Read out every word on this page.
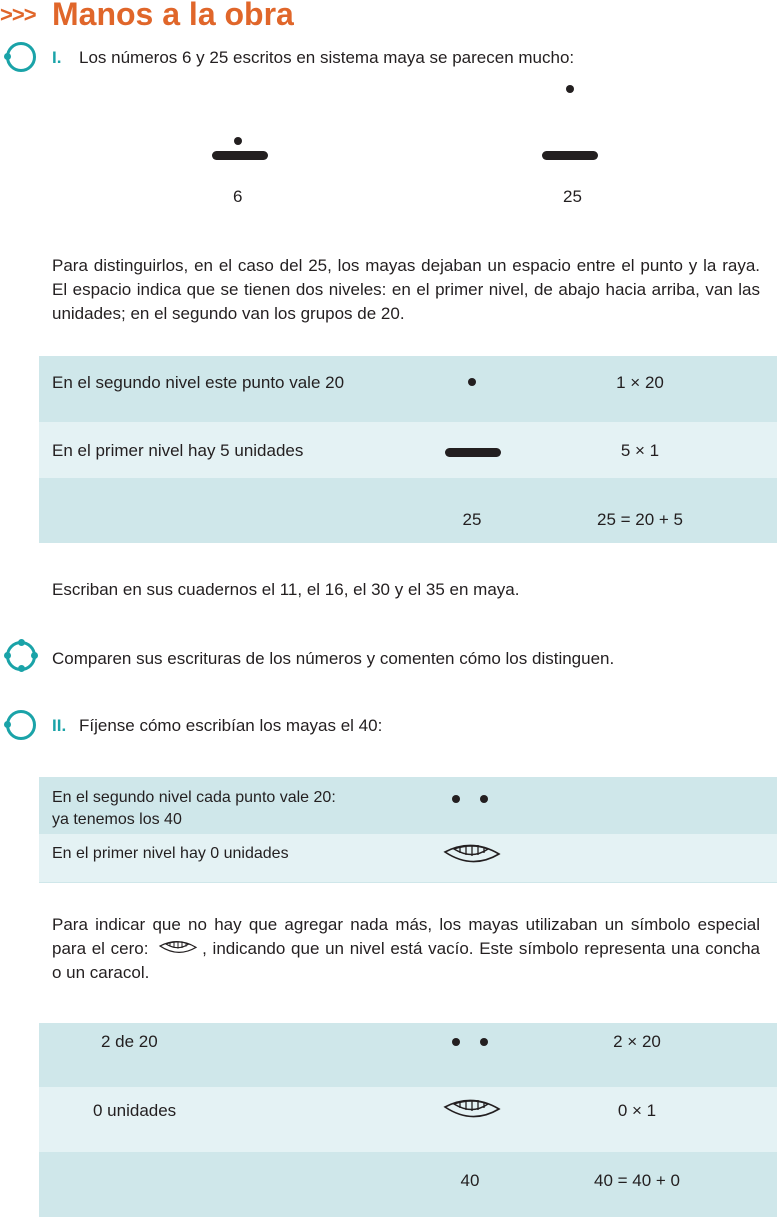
>>> Manos a la obra
I. Los números 6 y 25 escritos en sistema maya se parecen mucho:
6	25
Para distinguirlos, en el caso del 25, los mayas dejaban un espacio entre el punto y la raya. El espacio indica que se tienen dos niveles: en el primer nivel, de abajo hacia arriba, van las unidades; en el segundo van los grupos de 20.
En el segundo nivel este punto vale 20	1 × 20
En el primer nivel hay 5 unidades	5 × 1
25	25 = 20 + 5
Escriban en sus cuadernos el 11, el 16, el 30 y el 35 en maya.
Comparen sus escrituras de los números y comenten cómo los distinguen.
II. Fíjense cómo escribían los mayas el 40:
En el segundo nivel cada punto vale 20:
ya tenemos los 40
En el primer nivel hay 0 unidades
Para indicar que no hay que agregar nada más, los mayas utilizaban un símbolo especial para el cero:	, indicando que un nivel está vacío. Este símbolo representa una concha o un caracol.
2 de 20	2 × 20
0 unidades	0 × 1
40	40 = 40 + 0
